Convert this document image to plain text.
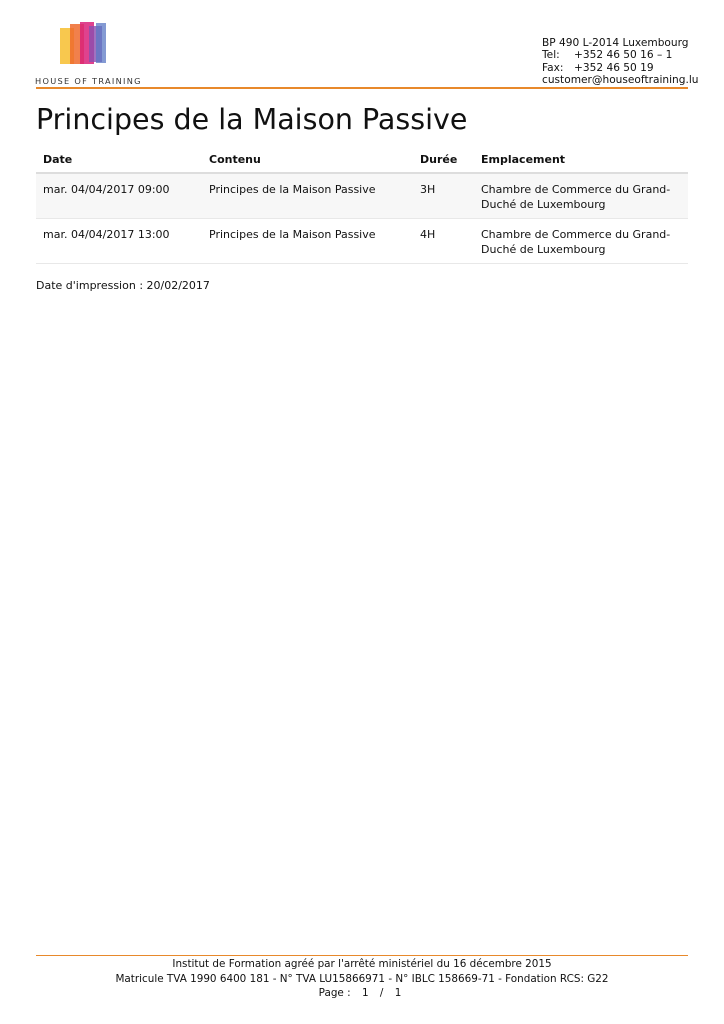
HOUSE OF TRAINING
BP 490 L-2014 Luxembourg
Tel: +352 46 50 16 – 1
Fax: +352 46 50 19
customer@houseoftraining.lu
Principes de la Maison Passive
Date	Contenu	Durée	Emplacement
mar. 04/04/2017 09:00	Principes de la Maison Passive	3H	Chambre de Commerce du Grand-Duché de Luxembourg
mar. 04/04/2017 13:00	Principes de la Maison Passive	4H	Chambre de Commerce du Grand-Duché de Luxembourg
Date d'impression : 20/02/2017
Institut de Formation agréé par l'arrêté ministériel du 16 décembre 2015
Matricule TVA 1990 6400 181 - N° TVA LU15866971 - N° IBLC 158669-71 - Fondation RCS: G22
Page : 1 / 1
